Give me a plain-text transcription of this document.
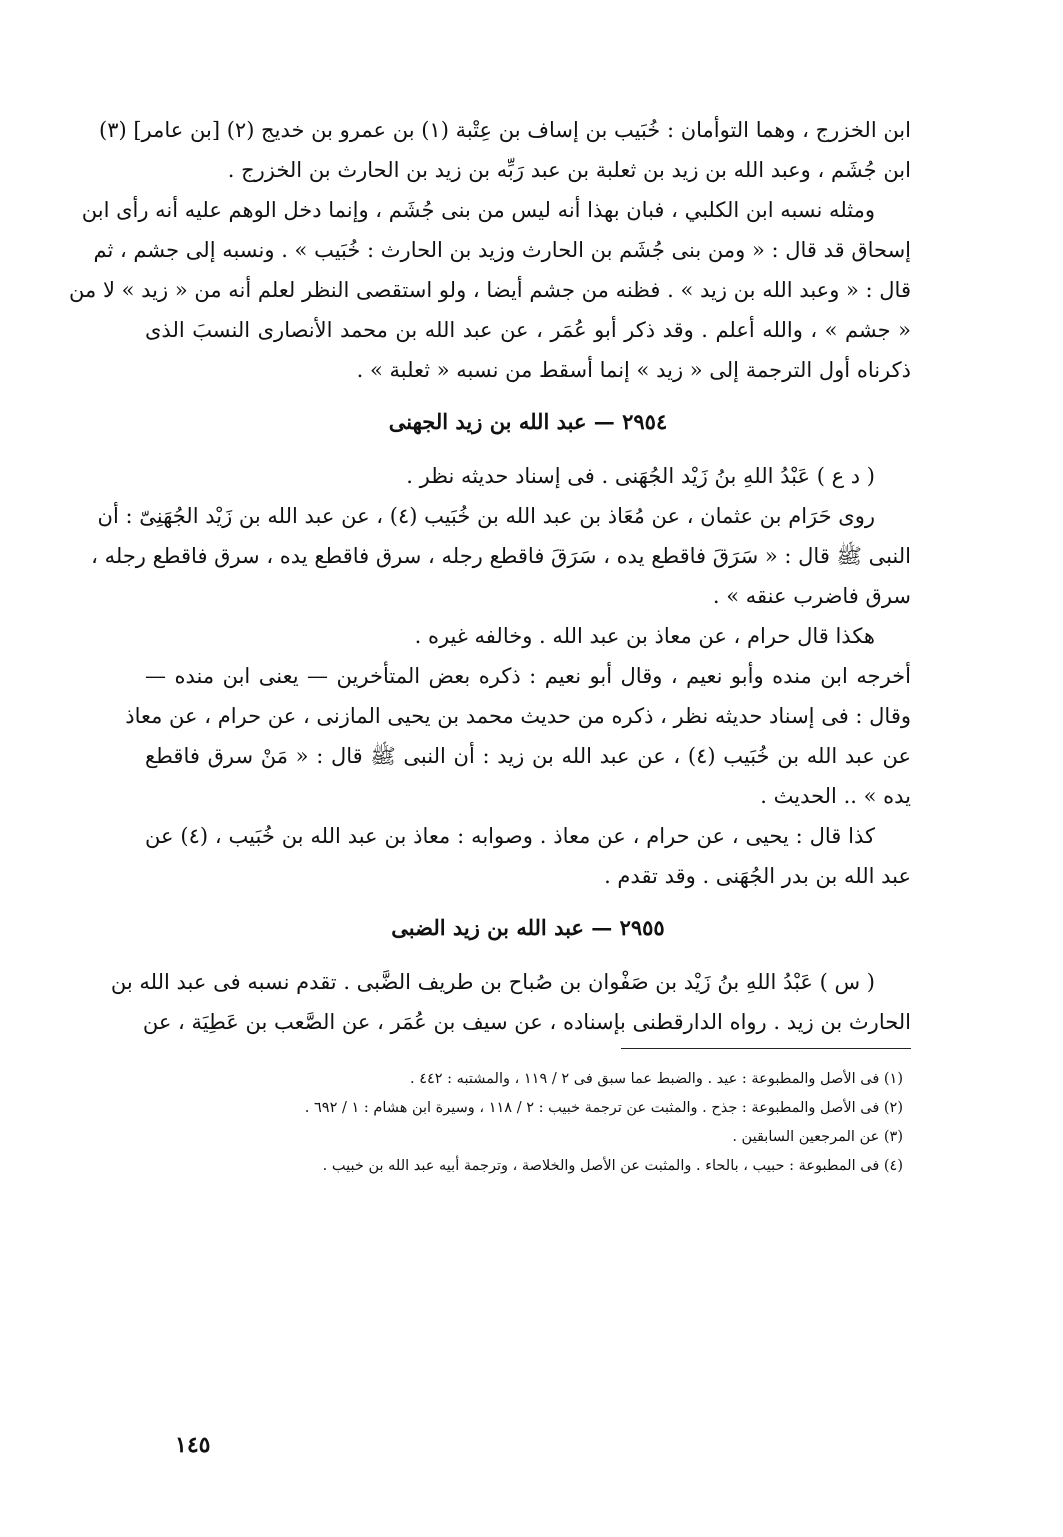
ابن الخزرج ، وهما التوأمان : خُبَيب بن إساف بن عِتْبة (١) بن عمرو بن خديج (٢) [بن عامر] (٣)

ابن جُشَم ، وعبد الله بن زيد بن ثعلبة بن عبد رَبِّه بن زيد بن الحارث بن الخزرج .

ومثله نسبه ابن الكلبي ، فبان بهذا أنه ليس من بنى جُشَم ، وإنما دخل الوهم عليه أنه رأى ابن

إسحاق قد قال : « ومن بنى جُشَم بن الحارث وزيد بن الحارث : خُبَيب » . ونسبه إلى جشم ، ثم

قال : « وعبد الله بن زيد » . فظنه من جشم أيضا ، ولو استقصى النظر لعلم أنه من « زيد » لا من

« جشم » ، والله أعلم . وقد ذكر أبو عُمَر ، عن عبد الله بن محمد الأنصارى النسبَ الذى

ذكرناه أول الترجمة إلى « زيد » إنما أسقط من نسبه « ثعلبة » .

٢٩٥٤ — عبد الله بن زيد الجهنى

( د ع ) عَبْدُ اللهِ بنُ زَيْد الجُهَنى . فى إسناد حديثه نظر .

روى حَرَام بن عثمان ، عن مُعَاذ بن عبد الله بن خُبَيب (٤) ، عن عبد الله بن زَيْد الجُهَنِىّ : أن

النبى ﷺ قال : « سَرَقَ فاقطع يده ، سَرَقَ فاقطع رجله ، سرق فاقطع يده ، سرق فاقطع رجله ،

سرق فاضرب عنقه » .

هكذا قال حرام ، عن معاذ بن عبد الله . وخالفه غيره .

أخرجه ابن منده وأبو نعيم ، وقال أبو نعيم : ذكره بعض المتأخرين — يعنى ابن منده —

وقال : فى إسناد حديثه نظر ، ذكره من حديث محمد بن يحيى المازنى ، عن حرام ، عن معاذ

عن عبد الله بن خُبَيب (٤) ، عن عبد الله بن زيد : أن النبى ﷺ قال : « مَنْ سرق فاقطع

يده » .. الحديث .

كذا قال : يحيى ، عن حرام ، عن معاذ . وصوابه : معاذ بن عبد الله بن خُبَيب ، (٤) عن

عبد الله بن بدر الجُهَنى . وقد تقدم .

٢٩٥٥ — عبد الله بن زيد الضبى

( س ) عَبْدُ اللهِ بنُ زَيْد بن صَفْوان بن صُباح بن طريف الضَّبى . تقدم نسبه فى عبد الله بن

الحارث بن زيد . رواه الدارقطنى بإسناده ، عن سيف بن عُمَر ، عن الصَّعب بن عَطِيَة ، عن

(١) فى الأصل والمطبوعة : عيد . والضبط عما سبق فى ٢ / ١١٩ ، والمشتبه : ٤٤٢ .
(٢) فى الأصل والمطبوعة : جذح . والمثبت عن ترجمة خبيب : ٢ / ١١٨ ، وسيرة ابن هشام : ١ / ٦٩٢ .
(٣) عن المرجعين السابقين .
(٤) فى المطبوعة : حبيب ، بالحاء . والمثبت عن الأصل والخلاصة ، وترجمة أبيه عبد الله بن خبيب .
١٤٥
